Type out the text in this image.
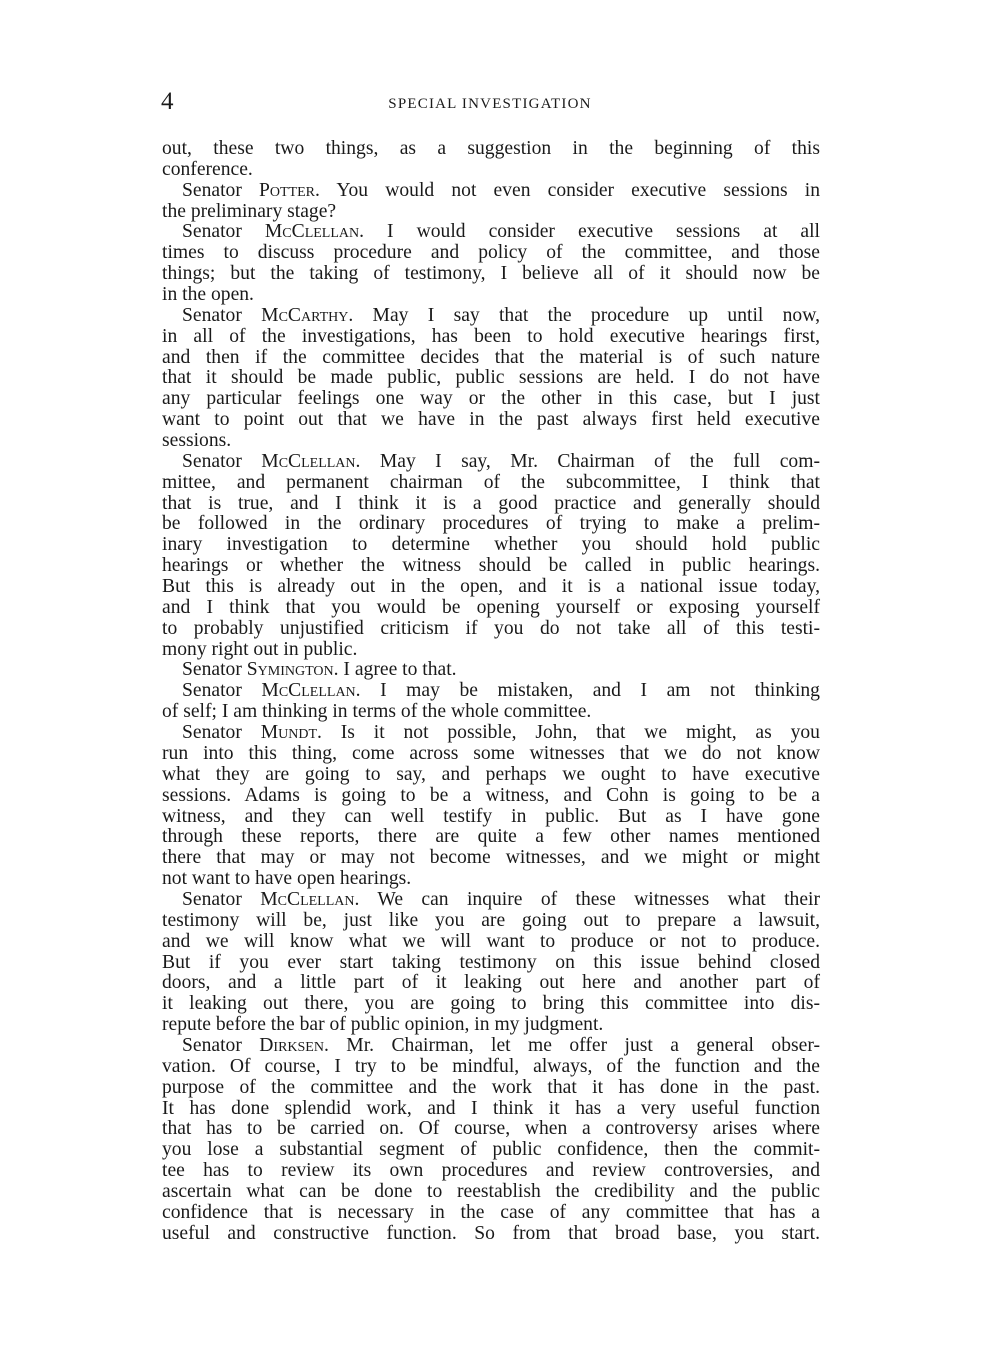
4	SPECIAL INVESTIGATION
out, these two things, as a suggestion in the beginning of this
conference.
Senator Potter. You would not even consider executive sessions in
the preliminary stage?
Senator McClellan. I would consider executive sessions at all
times to discuss procedure and policy of the committee, and those
things; but the taking of testimony, I believe all of it should now be
in the open.
Senator McCarthy. May I say that the procedure up until now,
in all of the investigations, has been to hold executive hearings first,
and then if the committee decides that the material is of such nature
that it should be made public, public sessions are held. I do not have
any particular feelings one way or the other in this case, but I just
want to point out that we have in the past always first held executive
sessions.
Senator McClellan. May I say, Mr. Chairman of the full com-
mittee, and permanent chairman of the subcommittee, I think that
that is true, and I think it is a good practice and generally should
be followed in the ordinary procedures of trying to make a prelim-
inary investigation to determine whether you should hold public
hearings or whether the witness should be called in public hearings.
But this is already out in the open, and it is a national issue today,
and I think that you would be opening yourself or exposing yourself
to probably unjustified criticism if you do not take all of this testi-
mony right out in public.
Senator Symington. I agree to that.
Senator McClellan. I may be mistaken, and I am not thinking
of self; I am thinking in terms of the whole committee.
Senator Mundt. Is it not possible, John, that we might, as you
run into this thing, come across some witnesses that we do not know
what they are going to say, and perhaps we ought to have executive
sessions. Adams is going to be a witness, and Cohn is going to be a
witness, and they can well testify in public. But as I have gone
through these reports, there are quite a few other names mentioned
there that may or may not become witnesses, and we might or might
not want to have open hearings.
Senator McClellan. We can inquire of these witnesses what their
testimony will be, just like you are going out to prepare a lawsuit,
and we will know what we will want to produce or not to produce.
But if you ever start taking testimony on this issue behind closed
doors, and a little part of it leaking out here and another part of
it leaking out there, you are going to bring this committee into dis-
repute before the bar of public opinion, in my judgment.
Senator Dirksen. Mr. Chairman, let me offer just a general obser-
vation. Of course, I try to be mindful, always, of the function and the
purpose of the committee and the work that it has done in the past.
It has done splendid work, and I think it has a very useful function
that has to be carried on. Of course, when a controversy arises where
you lose a substantial segment of public confidence, then the commit-
tee has to review its own procedures and review controversies, and
ascertain what can be done to reestablish the credibility and the public
confidence that is necessary in the case of any committee that has a
useful and constructive function. So from that broad base, you start.
